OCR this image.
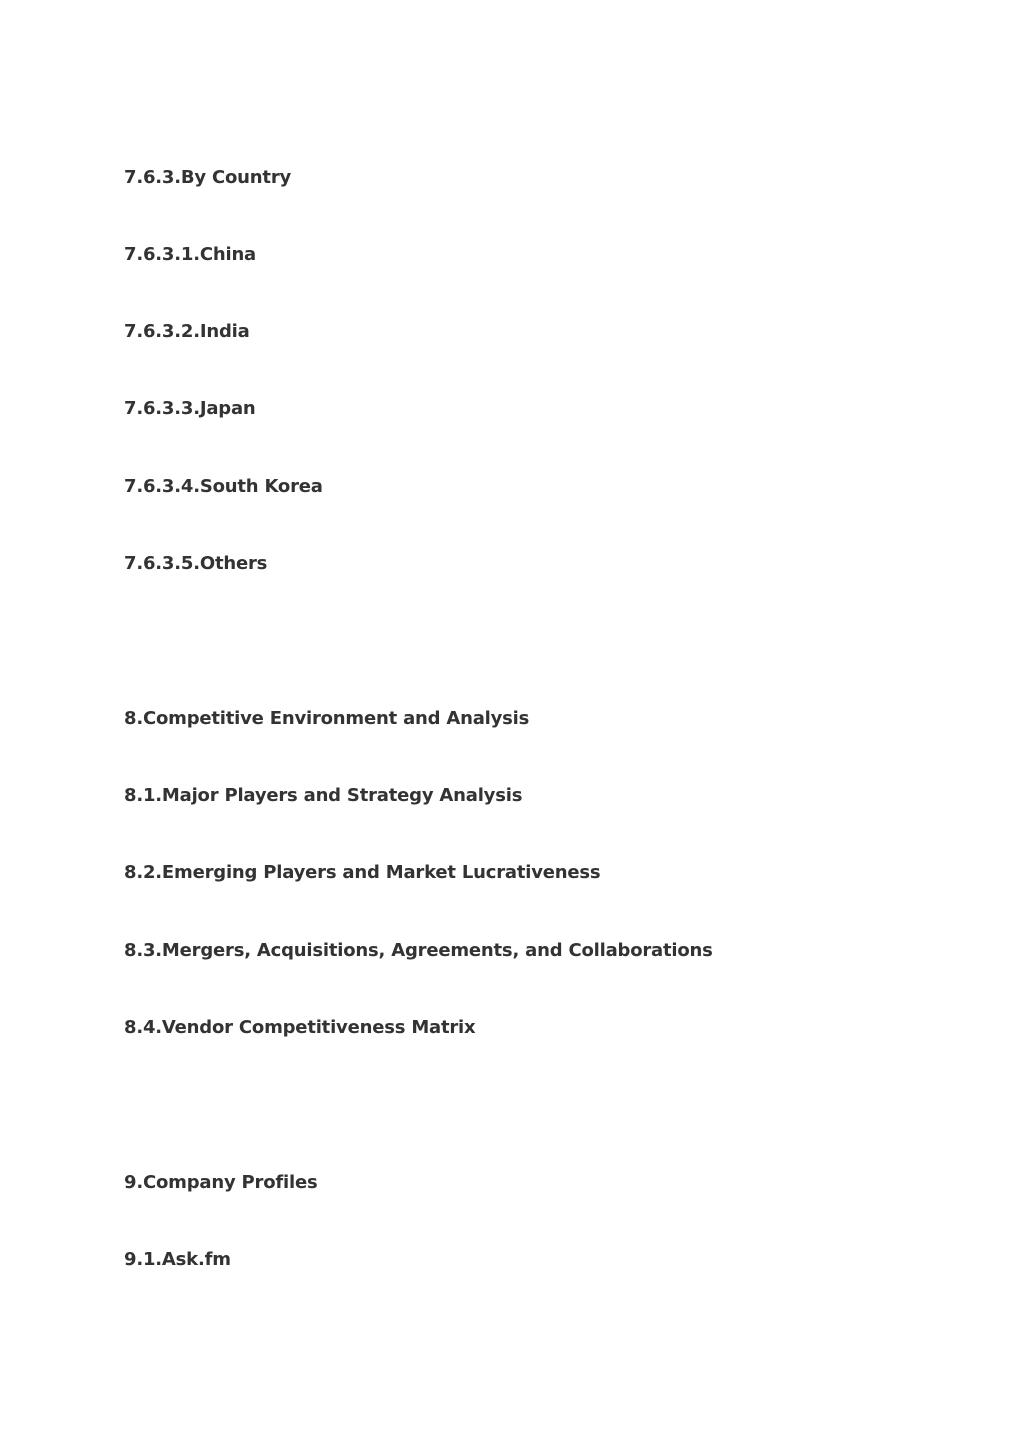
7.6.3.By Country

7.6.3.1.China

7.6.3.2.India

7.6.3.3.Japan

7.6.3.4.South Korea

7.6.3.5.Others

8.Competitive Environment and Analysis

8.1.Major Players and Strategy Analysis

8.2.Emerging Players and Market Lucrativeness

8.3.Mergers, Acquisitions, Agreements, and Collaborations

8.4.Vendor Competitiveness Matrix

9.Company Profiles

9.1.Ask.fm
